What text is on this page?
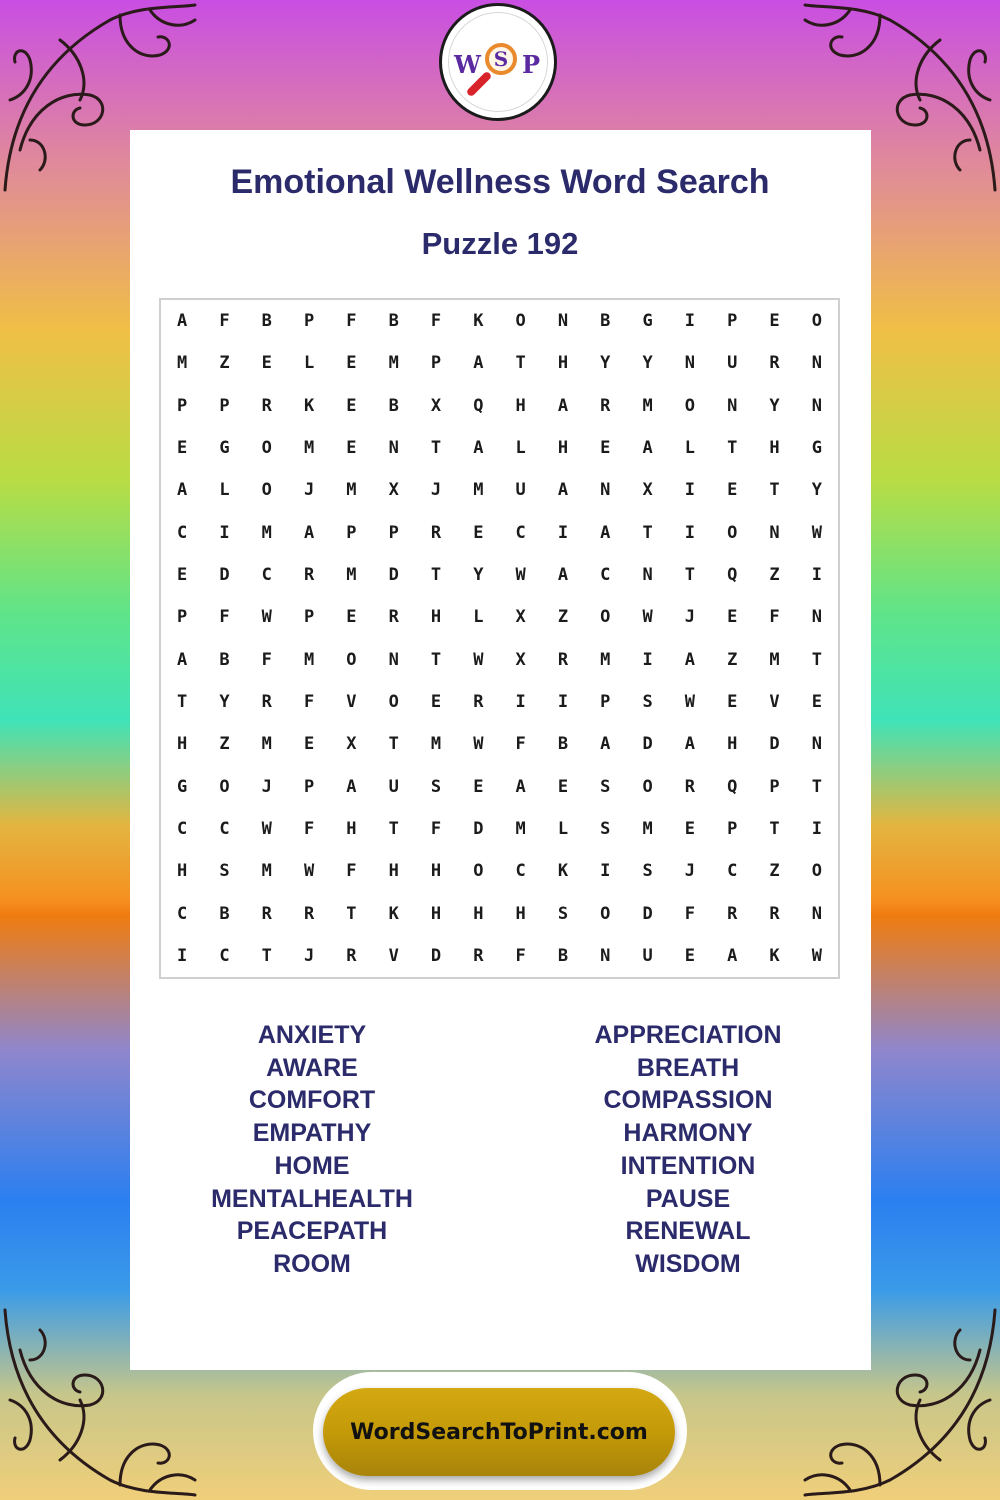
W S P
Emotional Wellness Word Search
Puzzle 192
A	F	B	P	F	B	F	K	O	N	B	G	I	P	E	O
M	Z	E	L	E	M	P	A	T	H	Y	Y	N	U	R	N
P	P	R	K	E	B	X	Q	H	A	R	M	O	N	Y	N
E	G	O	M	E	N	T	A	L	H	E	A	L	T	H	G
A	L	O	J	M	X	J	M	U	A	N	X	I	E	T	Y
C	I	M	A	P	P	R	E	C	I	A	T	I	O	N	W
E	D	C	R	M	D	T	Y	W	A	C	N	T	Q	Z	I
P	F	W	P	E	R	H	L	X	Z	O	W	J	E	F	N
A	B	F	M	O	N	T	W	X	R	M	I	A	Z	M	T
T	Y	R	F	V	O	E	R	I	I	P	S	W	E	V	E
H	Z	M	E	X	T	M	W	F	B	A	D	A	H	D	N
G	O	J	P	A	U	S	E	A	E	S	O	R	Q	P	T
C	C	W	F	H	T	F	D	M	L	S	M	E	P	T	I
H	S	M	W	F	H	H	O	C	K	I	S	J	C	Z	O
C	B	R	R	T	K	H	H	H	S	O	D	F	R	R	N
I	C	T	J	R	V	D	R	F	B	N	U	E	A	K	W
ANXIETY
AWARE
COMFORT
EMPATHY
HOME
MENTALHEALTH
PEACEPATH
ROOM
APPRECIATION
BREATH
COMPASSION
HARMONY
INTENTION
PAUSE
RENEWAL
WISDOM
WordSearchToPrint.com
